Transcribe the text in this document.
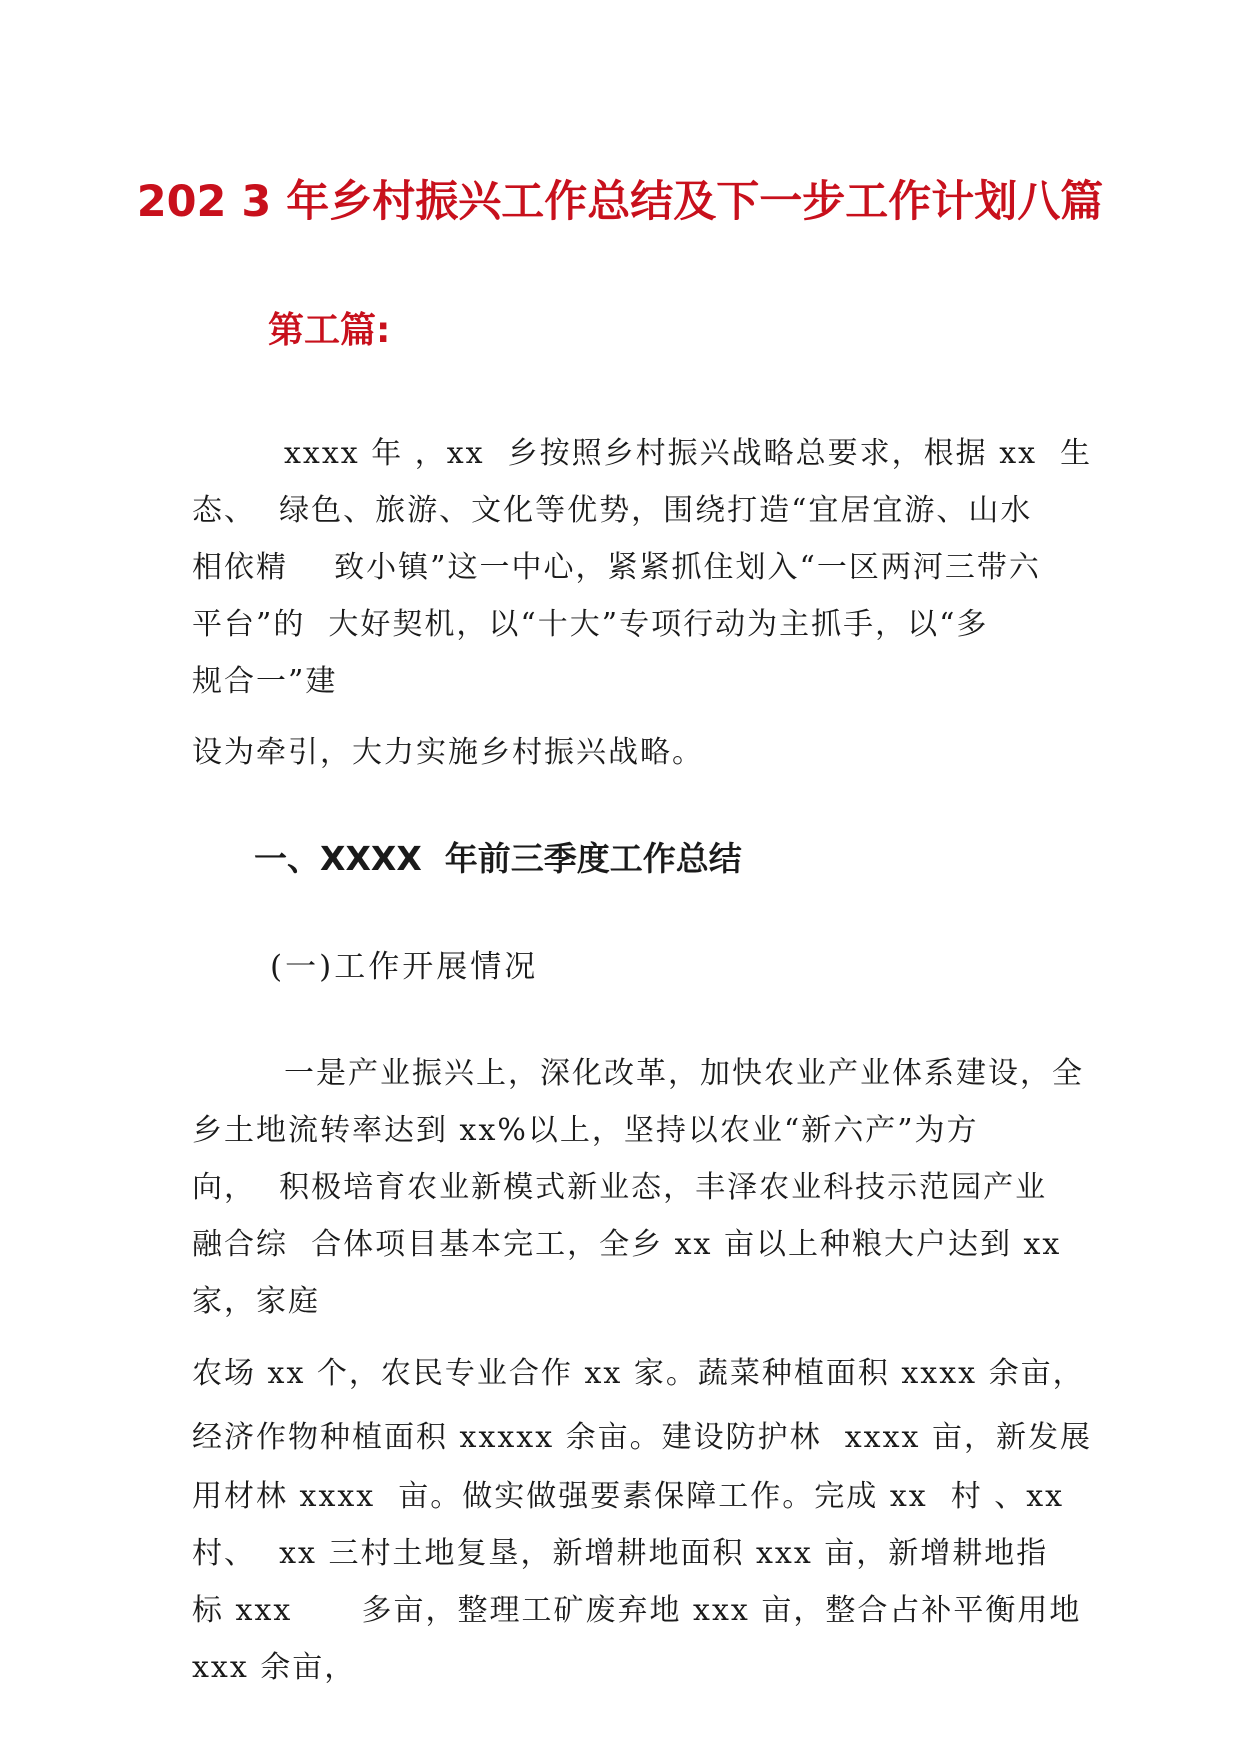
202 3 年乡村振兴工作总结及下一步工作计划八篇
第工篇:
　xxxx 年 ，xx  乡按照乡村振兴战略总要求，根据 xx  生
态、  绿色、旅游、文化等优势，围绕打造“宜居宜游、山水
相依精    致小镇”这一中心，紧紧抓住划入“一区两河三带六
平台”的  大好契机，以“十大”专项行动为主抓手，以“多
规合一”建
设为牵引，大力实施乡村振兴战略。
一、XXXX  年前三季度工作总结
(一)工作开展情况
　一是产业振兴上，深化改革，加快农业产业体系建设，全
乡土地流转率达到 xx%以上，坚持以农业“新六产”为方
向，  积极培育农业新模式新业态，丰泽农业科技示范园产业
融合综  合体项目基本完工，全乡 xx 亩以上种粮大户达到 xx
家，家庭
农场 xx 个，农民专业合作 xx 家。蔬菜种植面积 xxxx 余亩，
经济作物种植面积 xxxxx 余亩。建设防护林  xxxx 亩，新发展
用材林 xxxx  亩。做实做强要素保障工作。完成 xx  村 、xx
村、  xx 三村土地复垦，新增耕地面积 xxx 亩，新增耕地指
标 xxx      多亩，整理工矿废弃地 xxx 亩，整合占补平衡用地
xxx 余亩，
